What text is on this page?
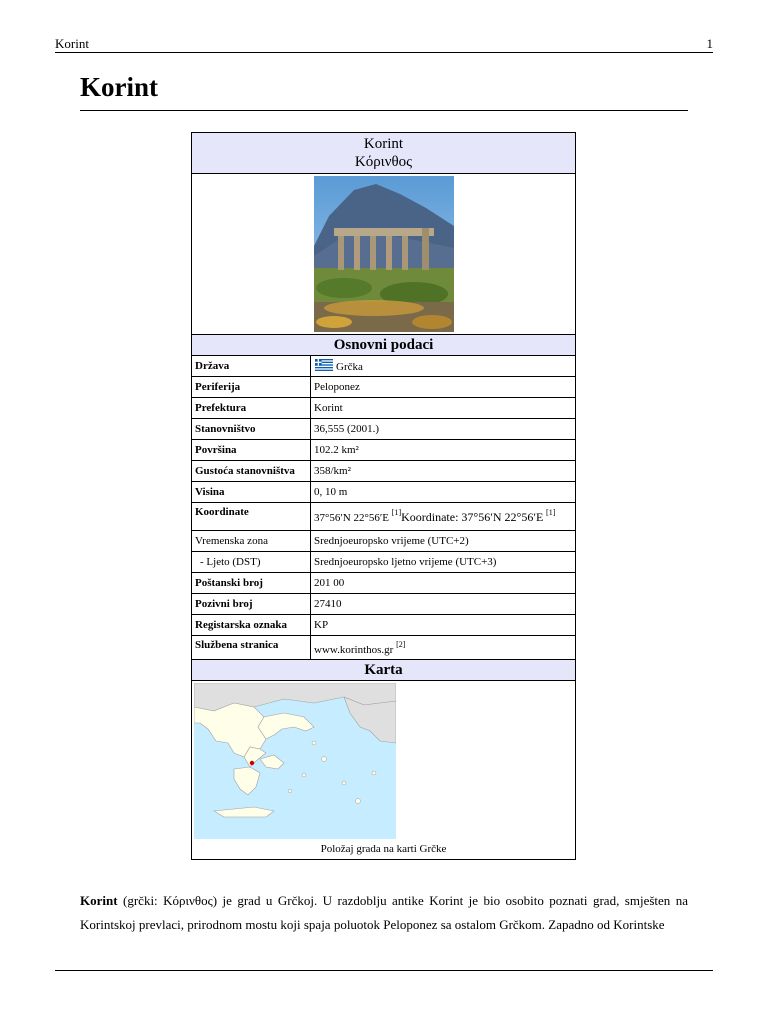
Korint	1
Korint
Korint
Κόρινθος	

Osnovni podaci	
Država	Grčka
Periferija	Peloponez
Prefektura	Korint
Stanovništvo	36,555 (2001.)
Površina	102.2 km²
Gustoća stanovništva	358/km²
Visina	0, 10 m
Koordinate	37°56′N 22°56′E [1]Koordinate: 37°56′N 22°56′E [1]
Vremenska zona	Srednjoeuropsko vrijeme (UTC+2)
- Ljeto (DST)	Srednjoeuropsko ljetno vrijeme (UTC+3)
Poštanski broj	201 00
Pozivni broj	27410
Registarska oznaka	KP
Službena stranica	www.korinthos.gr [2]
Karta	

Položaj grada na karti Grčke	

Korint (grčki: Κόρινθος) je grad u Grčkoj. U razdoblju antike Korint je bio osobito poznati grad, smješten na Korintskoj prevlaci, prirodnom mostu koji spaja poluotok Peloponez sa ostalom Grčkom. Zapadno od Korintske
